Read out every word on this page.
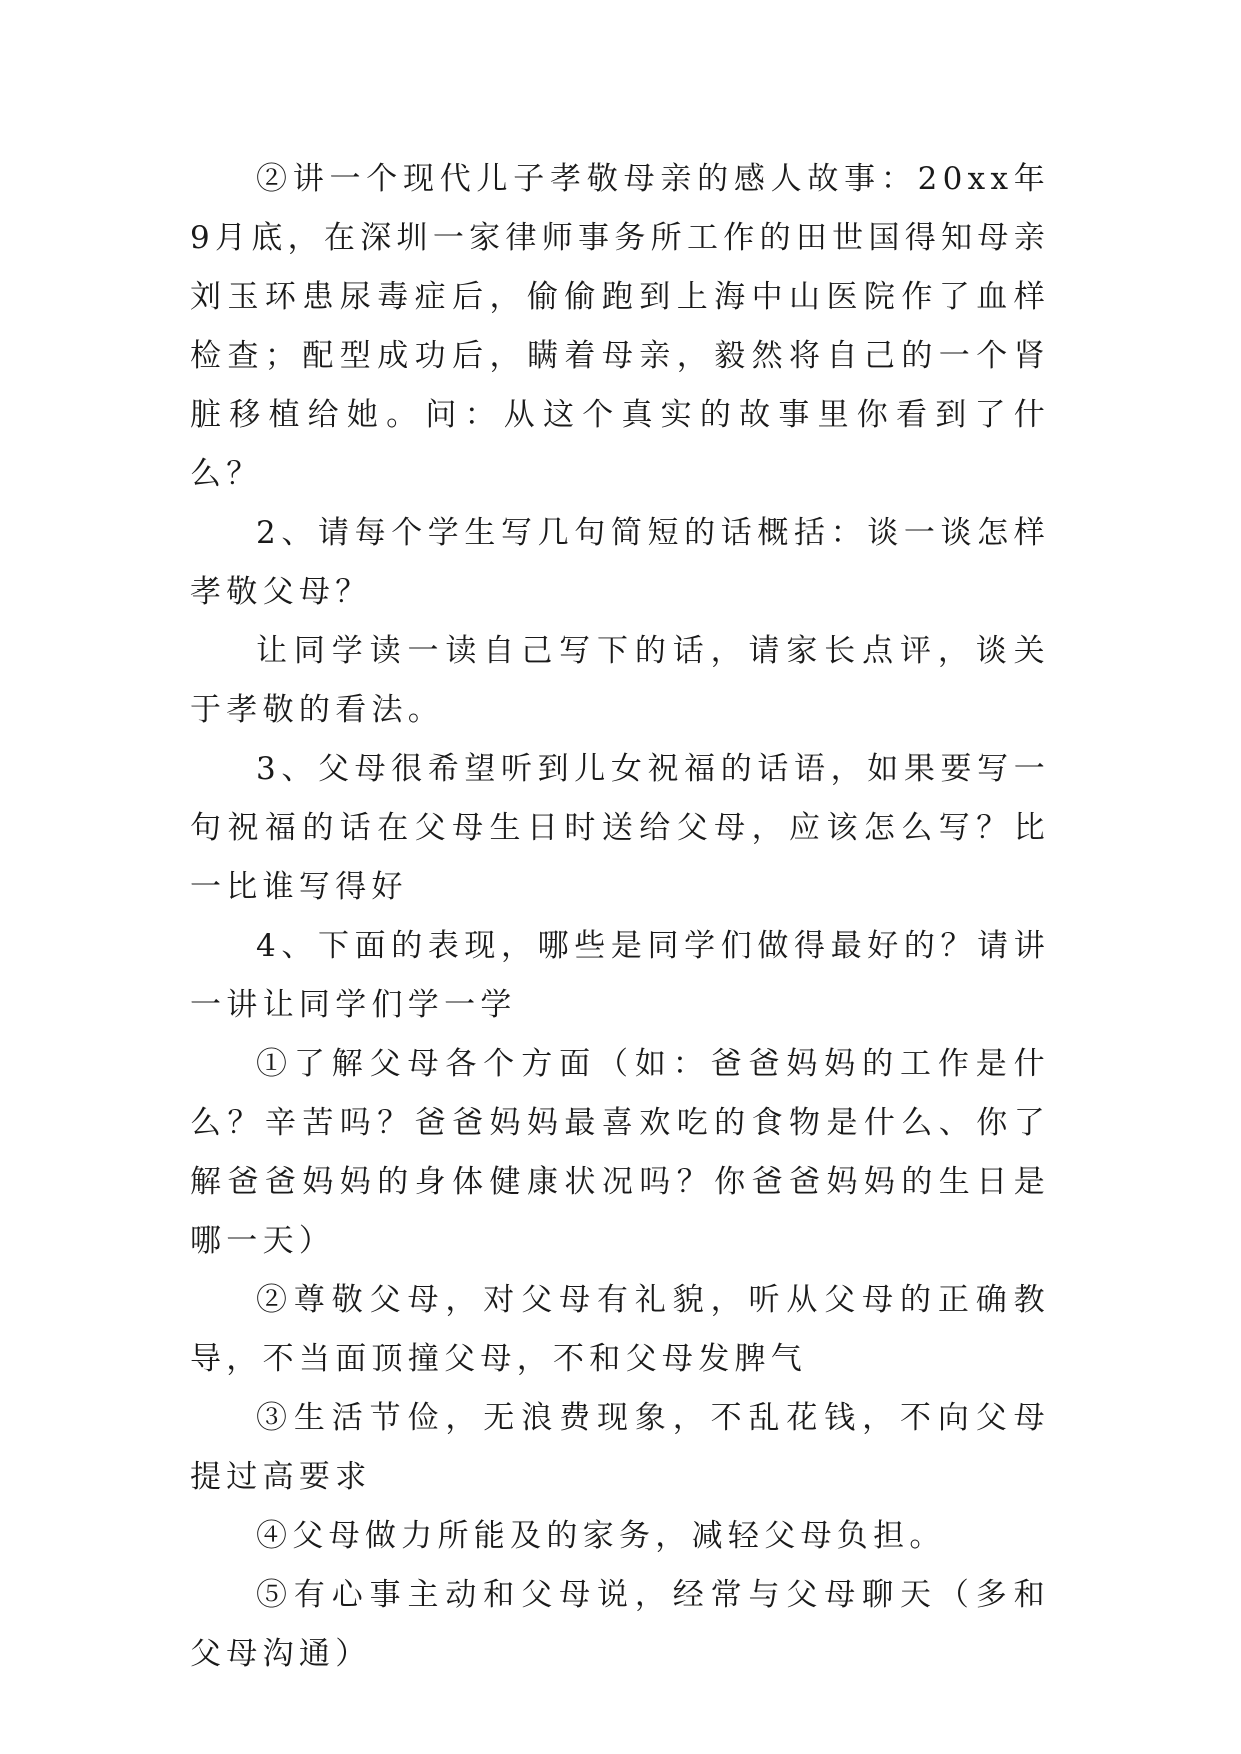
②讲一个现代儿子孝敬母亲的感人故事：20xx年9月底，在深圳一家律师事务所工作的田世国得知母亲刘玉环患尿毒症后，偷偷跑到上海中山医院作了血样检查；配型成功后，瞒着母亲，毅然将自己的一个肾脏移植给她。问：从这个真实的故事里你看到了什么？

2、请每个学生写几句简短的话概括：谈一谈怎样孝敬父母？

让同学读一读自己写下的话，请家长点评，谈关于孝敬的看法。

3、父母很希望听到儿女祝福的话语，如果要写一句祝福的话在父母生日时送给父母，应该怎么写？比一比谁写得好

4、下面的表现，哪些是同学们做得最好的？请讲一讲让同学们学一学

①了解父母各个方面（如：爸爸妈妈的工作是什么？辛苦吗？爸爸妈妈最喜欢吃的食物是什么、你了解爸爸妈妈的身体健康状况吗？你爸爸妈妈的生日是哪一天）

②尊敬父母，对父母有礼貌，听从父母的正确教导，不当面顶撞父母，不和父母发脾气

③生活节俭，无浪费现象，不乱花钱，不向父母提过高要求

④父母做力所能及的家务，减轻父母负担。

⑤有心事主动和父母说，经常与父母聊天（多和父母沟通）
